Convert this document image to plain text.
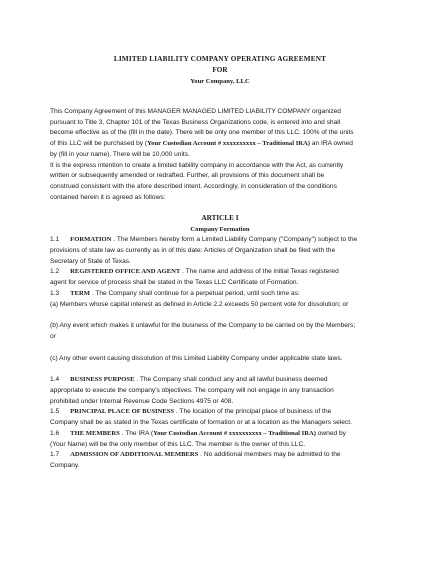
LIMITED LIABILITY COMPANY OPERATING AGREEMENT
FOR
Your Company, LLC

This Company Agreement of this MANAGER MANAGED LIMITED LIABILITY COMPANY organized

pursuant to Title 3, Chapter 101 of the Texas Business Organizations code, is entered into and shall

become effective as of the (fill in the date). There will be only one member of this LLC. 100% of the units

of this LLC will be purchased by (Your Custodian Account # xxxxxxxxxx – Traditional IRA) an IRA owned

by (fill in your name). There will be 10,000 units.

It is the express intention to create a limited liability company in accordance with the Act, as currently

written or subsequently amended or redrafted. Further, all provisions of this document shall be

construed consistent with the afore described intent. Accordingly, in consideration of the conditions

contained herein it is agreed as follows:

ARTICLE I
Company Formation

1.1 FORMATION . The Members hereby form a Limited Liability Company ("Company") subject to the

provisions of state law as currently as in of this date: Articles of Organization shall be filed with the

Secretary of State of Texas.

1.2 REGISTERED OFFICE AND AGENT . The name and address of the initial Texas registered

agent for service of process shall be stated in the Texas LLC Certificate of Formation.

1.3 TERM . The Company shall continue for a perpetual period, until such time as:

(a) Members whose capital interest as defined in Article 2.2 exceeds 50 percent vote for dissolution; or

(b) Any event which makes it unlawful for the business of the Company to be carried on by the Members;

or

(c) Any other event causing dissolution of this Limited Liability Company under applicable state laws.

1.4 BUSINESS PURPOSE . The Company shall conduct any and all lawful business deemed

appropriate to execute the company's objectives. The company will not engage in any transaction

prohibited under Internal Revenue Code Sections 4975 or 408.

1.5 PRINCIPAL PLACE OF BUSINESS . The location of the principal place of business of the

Company shall be as stated in the Texas certificate of formation or at a location as the Managers select.

1.6 THE MEMBERS . The IRA (Your Custodian Account # xxxxxxxxxx – Traditional IRA) owned by

(Your Name) will be the only member of this LLC. The member is the owner of this LLC.

1.7 ADMISSION OF ADDITIONAL MEMBERS . No additional members may be admitted to the

Company.
